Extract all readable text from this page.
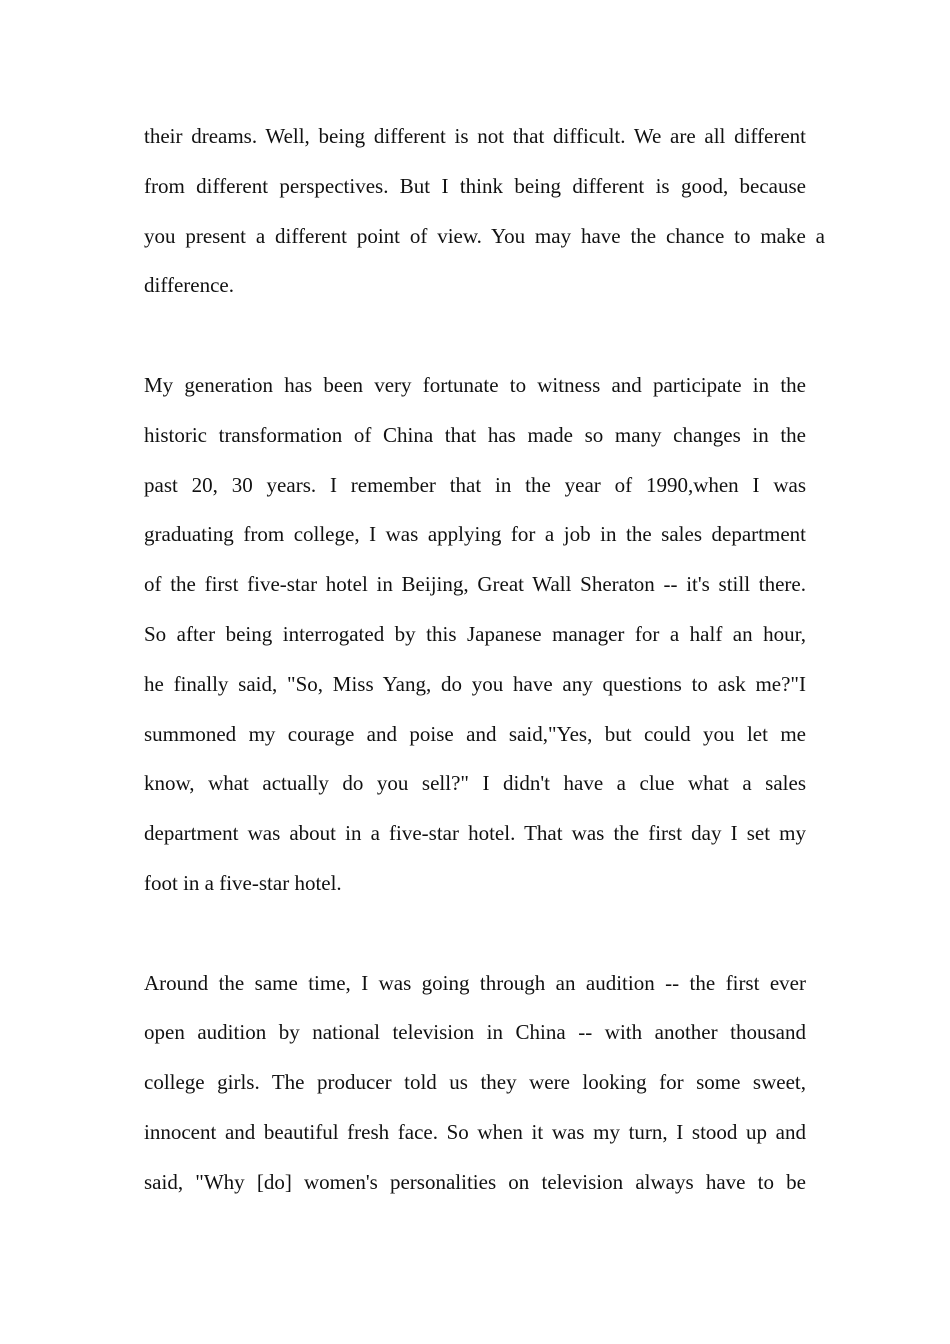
their dreams. Well, being different is not that difficult. We are all different
from different perspectives. But I think being different is good, because
you present a different point of view. You may have the chance to make a
difference.
My generation has been very fortunate to witness and participate in the
historic transformation of China that has made so many changes in the
past 20, 30 years. I remember that in the year of 1990,when I was
graduating from college, I was applying for a job in the sales department
of the first five-star hotel in Beijing, Great Wall Sheraton -- it's still there.
So after being interrogated by this Japanese manager for a half an hour,
he finally said, "So, Miss Yang, do you have any questions to ask me?"I
summoned my courage and poise and said,"Yes, but could you let me
know, what actually do you sell?" I didn't have a clue what a sales
department was about in a five-star hotel. That was the first day I set my
foot in a five-star hotel.
Around the same time, I was going through an audition -- the first ever
open audition by national television in China -- with another thousand
college girls. The producer told us they were looking for some sweet,
innocent and beautiful fresh face. So when it was my turn, I stood up and
said, "Why [do] women's personalities on television always have to be
